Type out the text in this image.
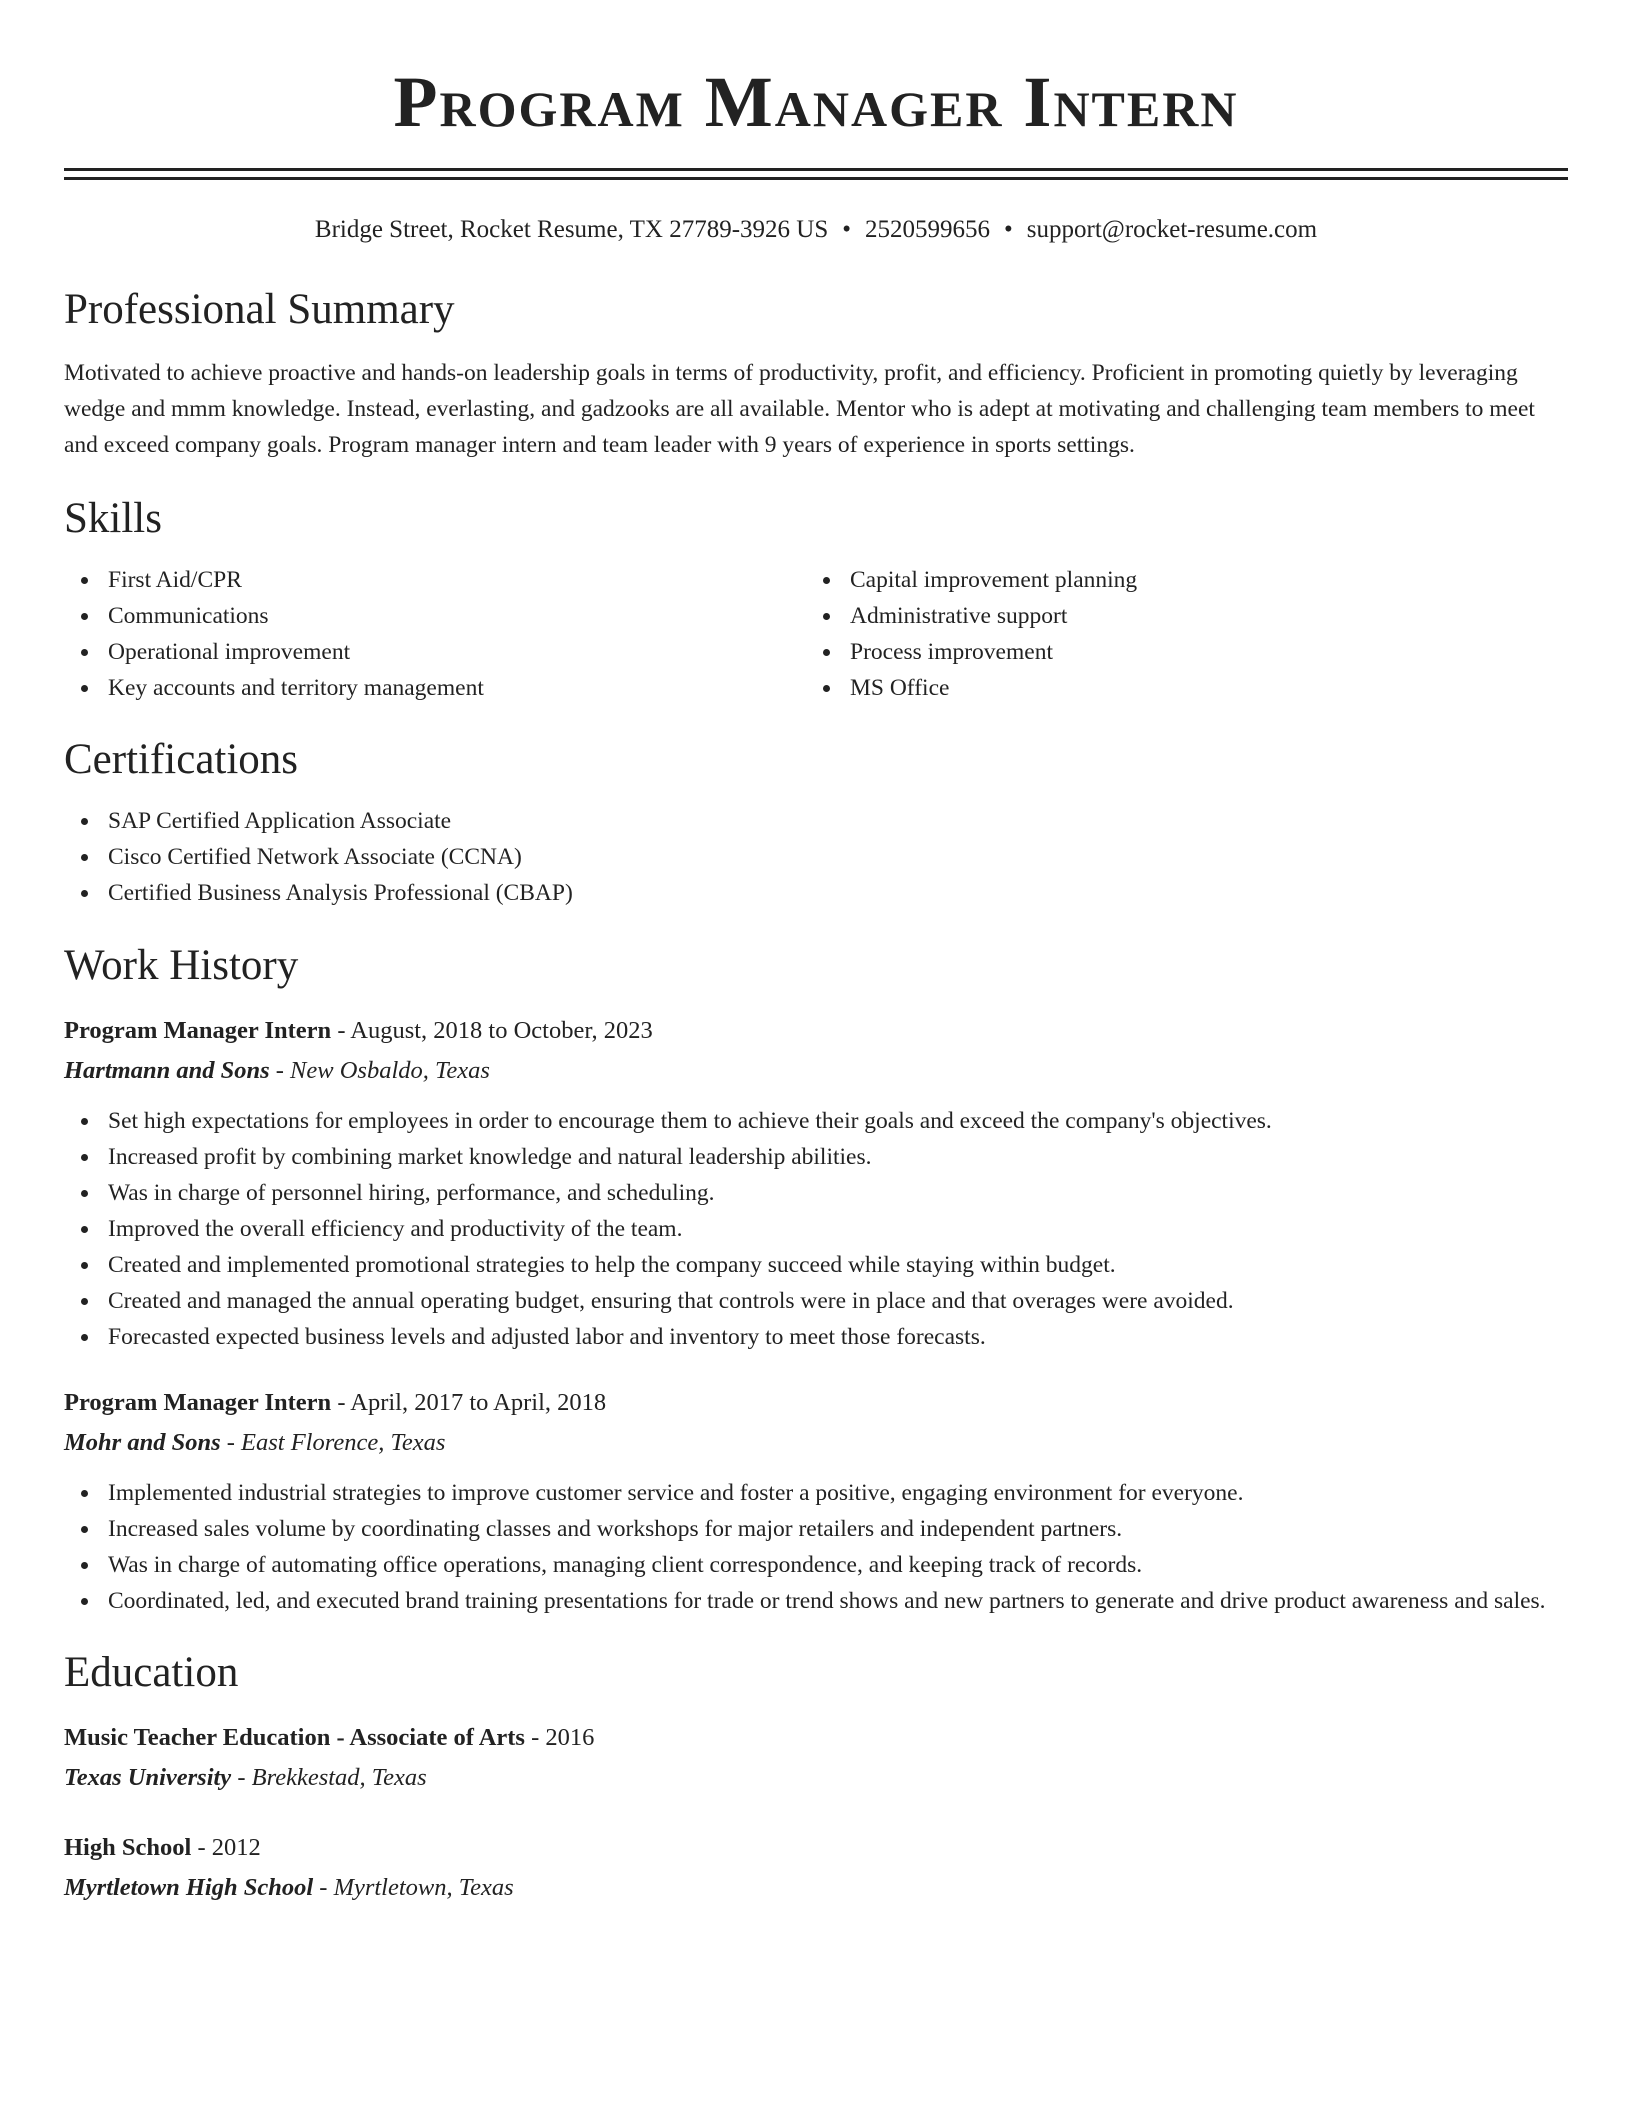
Program Manager Intern
Bridge Street, Rocket Resume, TX 27789-3926 US • 2520599656 • support@rocket-resume.com
Professional Summary
Motivated to achieve proactive and hands-on leadership goals in terms of productivity, profit, and efficiency. Proficient in promoting quietly by leveraging wedge and mmm knowledge. Instead, everlasting, and gadzooks are all available. Mentor who is adept at motivating and challenging team members to meet and exceed company goals. Program manager intern and team leader with 9 years of experience in sports settings.
Skills
First Aid/CPR
Communications
Operational improvement
Key accounts and territory management
Capital improvement planning
Administrative support
Process improvement
MS Office
Certifications
SAP Certified Application Associate
Cisco Certified Network Associate (CCNA)
Certified Business Analysis Professional (CBAP)
Work History
Program Manager Intern - August, 2018 to October, 2023
Hartmann and Sons - New Osbaldo, Texas
Set high expectations for employees in order to encourage them to achieve their goals and exceed the company's objectives.
Increased profit by combining market knowledge and natural leadership abilities.
Was in charge of personnel hiring, performance, and scheduling.
Improved the overall efficiency and productivity of the team.
Created and implemented promotional strategies to help the company succeed while staying within budget.
Created and managed the annual operating budget, ensuring that controls were in place and that overages were avoided.
Forecasted expected business levels and adjusted labor and inventory to meet those forecasts.
Program Manager Intern - April, 2017 to April, 2018
Mohr and Sons - East Florence, Texas
Implemented industrial strategies to improve customer service and foster a positive, engaging environment for everyone.
Increased sales volume by coordinating classes and workshops for major retailers and independent partners.
Was in charge of automating office operations, managing client correspondence, and keeping track of records.
Coordinated, led, and executed brand training presentations for trade or trend shows and new partners to generate and drive product awareness and sales.
Education
Music Teacher Education - Associate of Arts - 2016
Texas University - Brekkestad, Texas
High School - 2012
Myrtletown High School - Myrtletown, Texas
